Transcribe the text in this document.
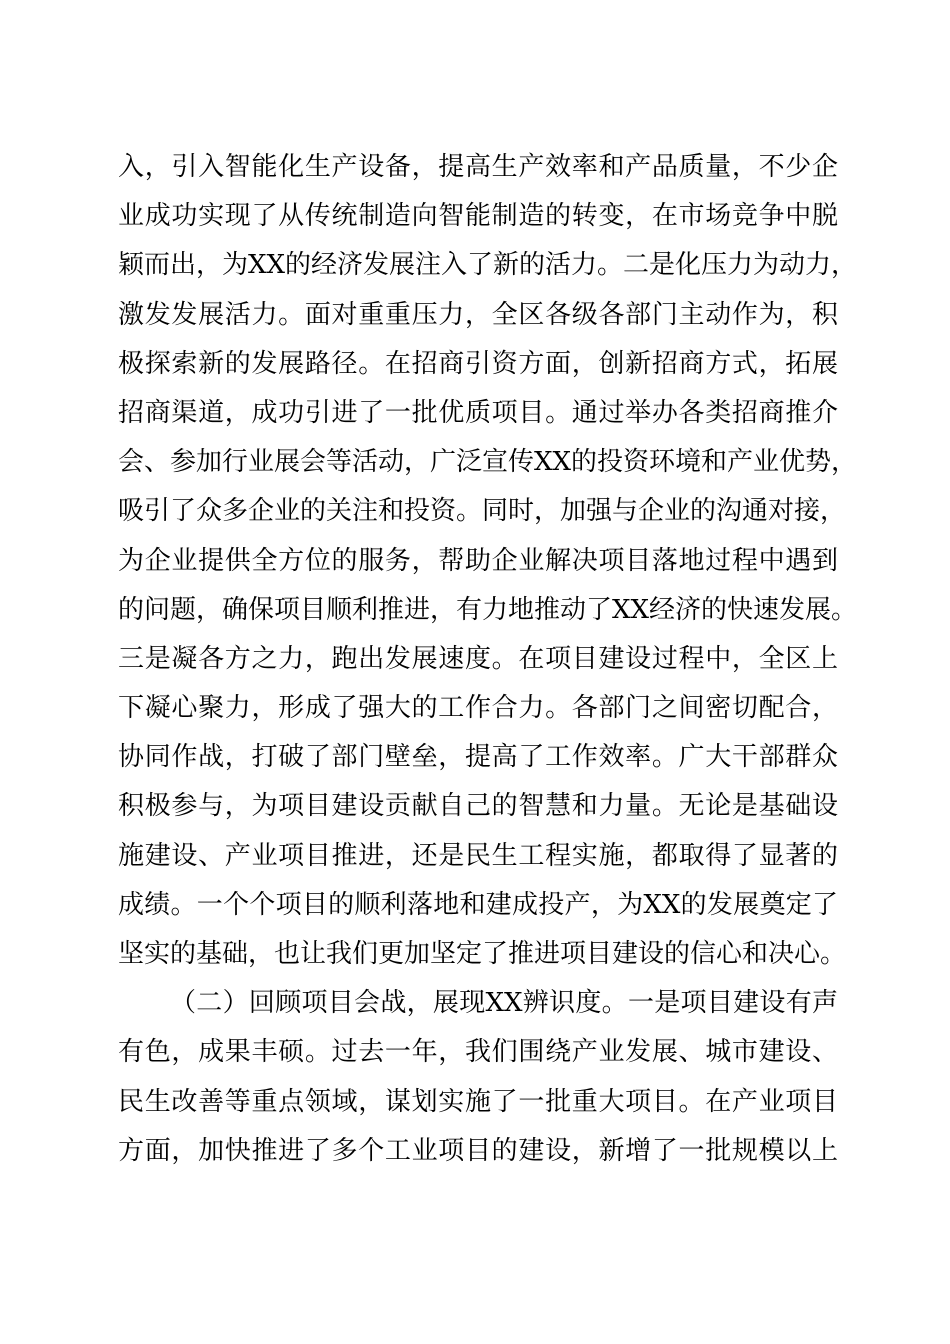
入，引入智能化生产设备，提高生产效率和产品质量，不少企
业成功实现了从传统制造向智能制造的转变，在市场竞争中脱
颖而出，为XX的经济发展注入了新的活力。二是化压力为动力，
激发发展活力。面对重重压力，全区各级各部门主动作为，积
极探索新的发展路径。在招商引资方面，创新招商方式，拓展
招商渠道，成功引进了一批优质项目。通过举办各类招商推介
会、参加行业展会等活动，广泛宣传XX的投资环境和产业优势，
吸引了众多企业的关注和投资。同时，加强与企业的沟通对接，
为企业提供全方位的服务，帮助企业解决项目落地过程中遇到
的问题，确保项目顺利推进，有力地推动了XX经济的快速发展。
三是凝各方之力，跑出发展速度。在项目建设过程中，全区上
下凝心聚力，形成了强大的工作合力。各部门之间密切配合，
协同作战，打破了部门壁垒，提高了工作效率。广大干部群众
积极参与，为项目建设贡献自己的智慧和力量。无论是基础设
施建设、产业项目推进，还是民生工程实施，都取得了显著的
成绩。一个个项目的顺利落地和建成投产，为XX的发展奠定了
坚实的基础，也让我们更加坚定了推进项目建设的信心和决心。
（二）回顾项目会战，展现XX辨识度。一是项目建设有声
有色，成果丰硕。过去一年，我们围绕产业发展、城市建设、
民生改善等重点领域，谋划实施了一批重大项目。在产业项目
方面，加快推进了多个工业项目的建设，新增了一批规模以上
